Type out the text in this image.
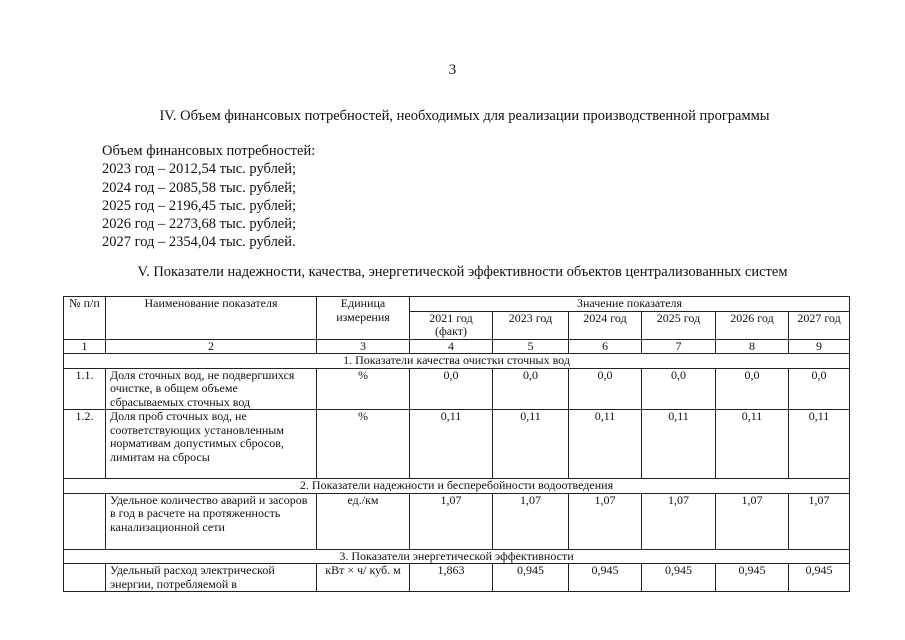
3
IV. Объем финансовых потребностей, необходимых для реализации производственной программы
Объем финансовых потребностей:
2023 год – 2012,54 тыс. рублей;
2024 год – 2085,58 тыс. рублей;
2025 год – 2196,45 тыс. рублей;
2026 год – 2273,68 тыс. рублей;
2027 год – 2354,04 тыс. рублей.
V. Показатели надежности, качества, энергетической эффективности объектов централизованных систем
№ п/п	Наименование показателя	Единица измерения	Значение показателя					
			2021 год (факт)	2023 год	2024 год	2025 год	2026 год	2027 год
1	2	3	4	5	6	7	8	9
1. Показатели качества очистки сточных вод								
1.1.	Доля сточных вод, не подвергшихся очистке, в общем объеме сбрасываемых сточных вод	%	0,0	0,0	0,0	0,0	0,0	0,0
1.2.	Доля проб сточных вод, не соответствующих установленным нормативам допустимых сбросов, лимитам на сбросы	%	0,11	0,11	0,11	0,11	0,11	0,11
2. Показатели надежности и бесперебойности водоотведения								
	Удельное количество аварий и засоров в год в расчете на протяженность канализационной сети	ед./км	1,07	1,07	1,07	1,07	1,07	1,07
3. Показатели энергетической эффективности								
	Удельный расход электрической энергии, потребляемой в	кВт × ч/ куб. м	1,863	0,945	0,945	0,945	0,945	0,945
